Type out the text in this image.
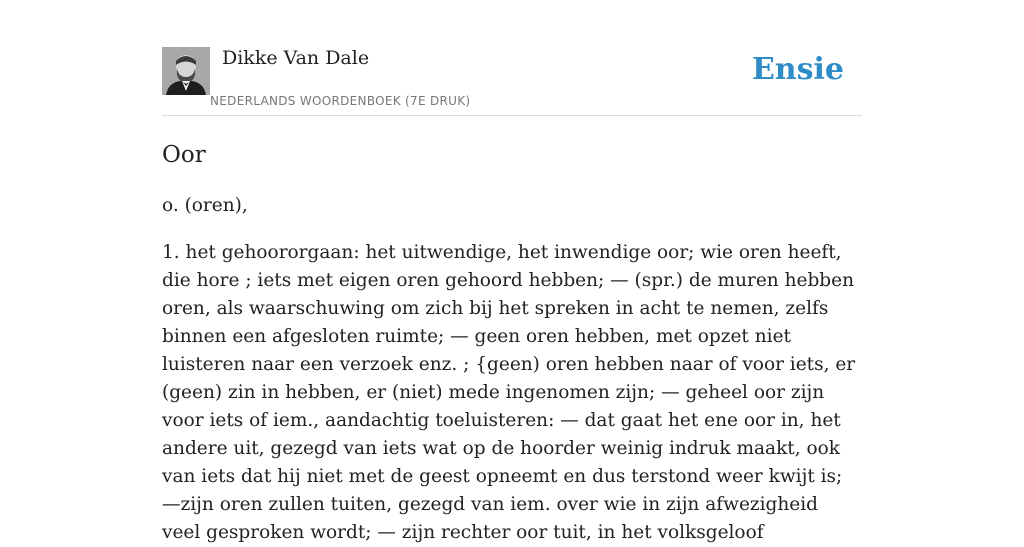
Dikke Van Dale
NEDERLANDS WOORDENBOEK (7E DRUK)
Ensie
Oor

o. (oren),

1. het gehoororgaan: het uitwendige, het inwendige oor; wie oren heeft, die hore ; iets met eigen oren gehoord hebben; — (spr.) de muren hebben oren, als waarschuwing om zich bij het spreken in acht te nemen, zelfs binnen een afgesloten ruimte; — geen oren hebben, met opzet niet luisteren naar een verzoek enz. ; {geen) oren hebben naar of voor iets, er (geen) zin in hebben, er (niet) mede ingenomen zijn; — geheel oor zijn voor iets of iem., aandachtig toeluisteren: — dat gaat het ene oor in, het andere uit, gezegd van iets wat op de hoorder weinig indruk maakt, ook van iets dat hij niet met de geest opneemt en dus terstond weer kwijt is; —zijn oren zullen tuiten, gezegd van iem. over wie in zijn afwezigheid veel gesproken wordt; — zijn rechter oor tuit, in het volksgeloof
